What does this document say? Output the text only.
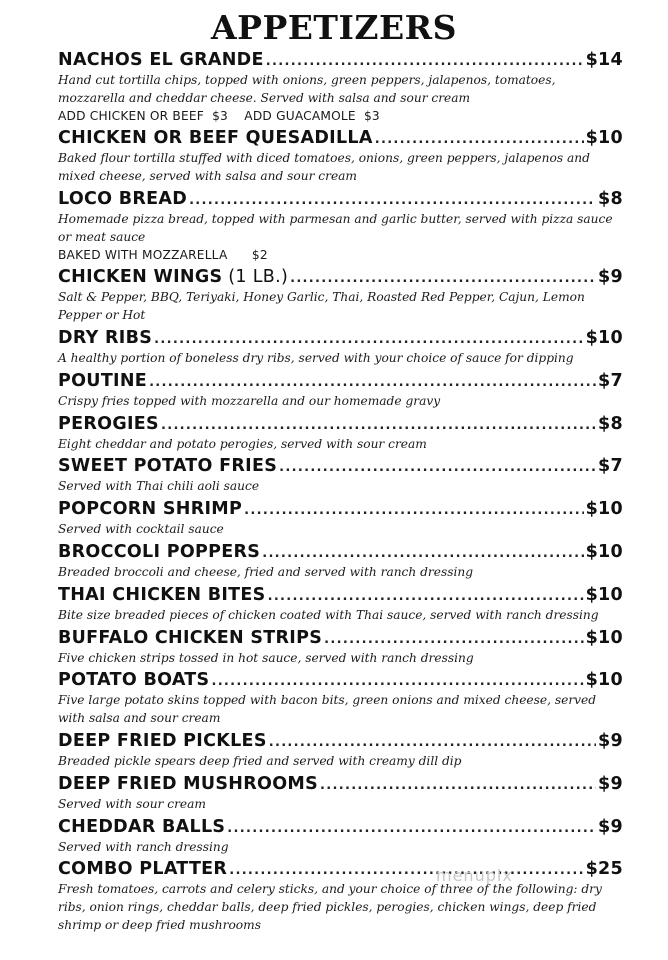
APPETIZERS
NACHOS EL GRANDE .....	$14
Hand cut tortilla chips, topped with onions, green peppers, jalapenos, tomatoes, mozzarella and cheddar cheese. Served with salsa and sour cream
ADD CHICKEN OR BEEF  $3    ADD GUACAMOLE  $3
CHICKEN OR BEEF QUESADILLA .....	$10
Baked flour tortilla stuffed with diced tomatoes, onions, green peppers, jalapenos and mixed cheese, served with salsa and sour cream
LOCO BREAD .....	$8
Homemade pizza bread, topped with parmesan and garlic butter, served with pizza sauce or meat sauce
BAKED WITH MOZZARELLA      $2
CHICKEN WINGS (1 LB.) .....	$9
Salt & Pepper, BBQ, Teriyaki, Honey Garlic, Thai, Roasted Red Pepper, Cajun, Lemon Pepper or Hot
DRY RIBS .....	$10
A healthy portion of boneless dry ribs, served with your choice of sauce for dipping
POUTINE .....	$7
Crispy fries topped with mozzarella and our homemade gravy
PEROGIES .....	$8
Eight cheddar and potato perogies, served with sour cream
SWEET POTATO FRIES .....	$7
Served with Thai chili aoli sauce
POPCORN SHRIMP .....	$10
Served with cocktail sauce
BROCCOLI POPPERS .....	$10
Breaded broccoli and cheese, fried and served with ranch dressing
THAI CHICKEN BITES .....	$10
Bite size breaded pieces of chicken coated with Thai sauce, served with ranch dressing
BUFFALO CHICKEN STRIPS .....	$10
Five chicken strips tossed in hot sauce, served with ranch dressing
POTATO BOATS .....	$10
Five large potato skins topped with bacon bits, green onions and mixed cheese, served with salsa and sour cream
DEEP FRIED PICKLES .....	$9
Breaded pickle spears deep fried and served with creamy dill dip
DEEP FRIED MUSHROOMS .....	$9
Served with sour cream
CHEDDAR BALLS .....	$9
Served with ranch dressing
COMBO PLATTER .....	$25
Fresh tomatoes, carrots and celery sticks, and your choice of three of the following: dry ribs, onion rings, cheddar balls, deep fried pickles, perogies, chicken wings, deep fried shrimp or deep fried mushrooms
menupix
